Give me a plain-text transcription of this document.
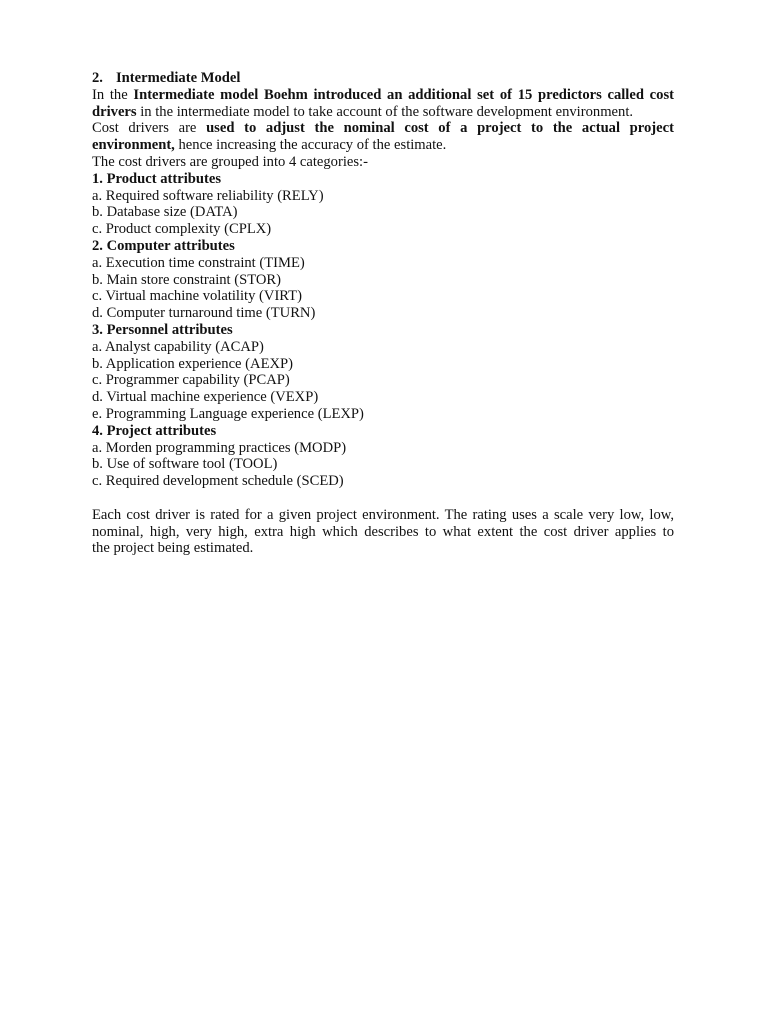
2. Intermediate Model
In the Intermediate model Boehm introduced an additional set of 15 predictors called cost
drivers in the intermediate model to take account of the software development environment.
Cost drivers are used to adjust the nominal cost of a project to the actual project
environment, hence increasing the accuracy of the estimate.
The cost drivers are grouped into 4 categories:-
1. Product attributes
a. Required software reliability (RELY)
b. Database size (DATA)
c. Product complexity (CPLX)
2. Computer attributes
a. Execution time constraint (TIME)
b. Main store constraint (STOR)
c. Virtual machine volatility (VIRT)
d. Computer turnaround time (TURN)
3. Personnel attributes
a. Analyst capability (ACAP)
b. Application experience (AEXP)
c. Programmer capability (PCAP)
d. Virtual machine experience (VEXP)
e. Programming Language experience (LEXP)
4. Project attributes
a. Morden programming practices (MODP)
b. Use of software tool (TOOL)
c. Required development schedule (SCED)
Each cost driver is rated for a given project environment. The rating uses a scale very low, low,
nominal, high, very high, extra high which describes to what extent the cost driver applies to
the project being estimated.
